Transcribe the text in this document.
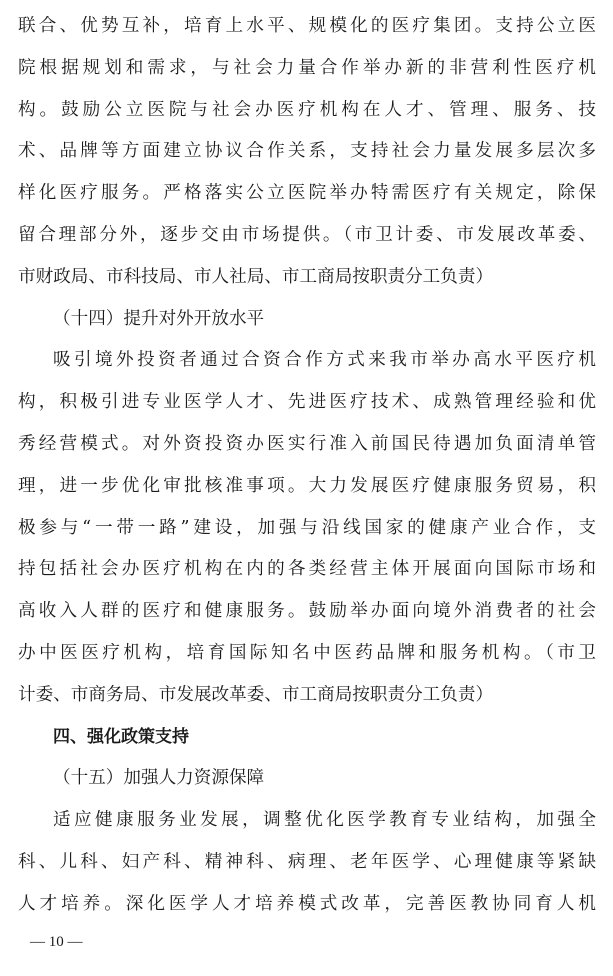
联合、优势互补，培育上水平、规模化的医疗集团。支持公立医
院根据规划和需求，与社会力量合作举办新的非营利性医疗机
构。鼓励公立医院与社会办医疗机构在人才、管理、服务、技
术、品牌等方面建立协议合作关系，支持社会力量发展多层次多
样化医疗服务。严格落实公立医院举办特需医疗有关规定，除保
留合理部分外，逐步交由市场提供。（市卫计委、市发展改革委、
市财政局、市科技局、市人社局、市工商局按职责分工负责）
（十四）提升对外开放水平
吸引境外投资者通过合资合作方式来我市举办高水平医疗机
构，积极引进专业医学人才、先进医疗技术、成熟管理经验和优
秀经营模式。对外资投资办医实行准入前国民待遇加负面清单管
理，进一步优化审批核准事项。大力发展医疗健康服务贸易，积
极参与“一带一路”建设，加强与沿线国家的健康产业合作，支
持包括社会办医疗机构在内的各类经营主体开展面向国际市场和
高收入人群的医疗和健康服务。鼓励举办面向境外消费者的社会
办中医医疗机构，培育国际知名中医药品牌和服务机构。（市卫
计委、市商务局、市发展改革委、市工商局按职责分工负责）
四、强化政策支持
（十五）加强人力资源保障
适应健康服务业发展，调整优化医学教育专业结构，加强全
科、儿科、妇产科、精神科、病理、老年医学、心理健康等紧缺
人才培养。深化医学人才培养模式改革，完善医教协同育人机
— 10 —
